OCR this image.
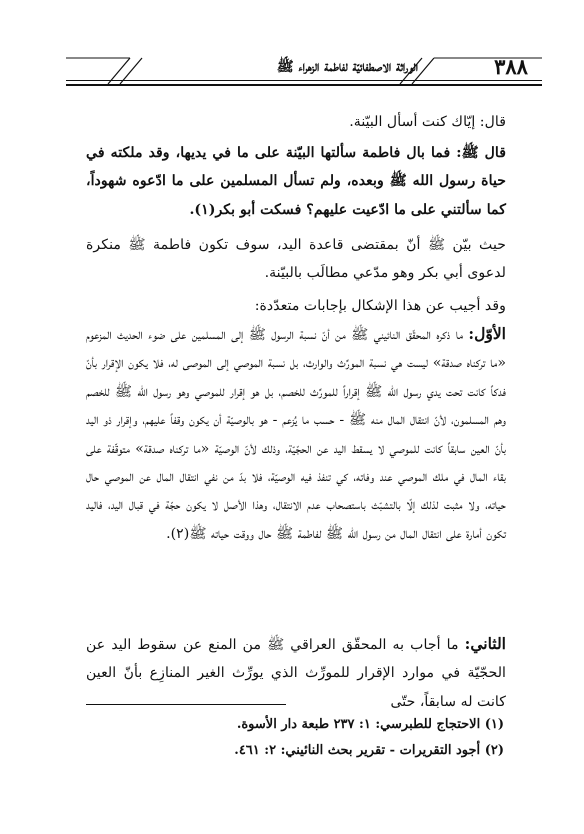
٣٨٨
الوراثة الاصطفائيّة لفاطمة الزهراء ﷺ

قال: إيّاك كنت أسأل البيّنة.

قال ﷺ: فما بال فاطمة سألتها البيّنة على ما في يديها، وقد ملكته في حياة رسول الله ﷺ وبعده، ولم تسأل المسلمين على ما ادّعوه شهوداً، كما سألتني على ما ادّعيت عليهم؟ فسكت أبو بكر(١).

حيث بيّن ﷺ أنّ بمقتضى قاعدة اليد، سوف تكون فاطمة ﷺ منكرة لدعوى أبي بكر وهو مدّعي مطالَب بالبيّنة.

وقد أجيب عن هذا الإشكال بإجابات متعدّدة:

الأوّل: ما ذكره المحقّق النائيني ﷺ من أنّ نسبة الرسول ﷺ إلى المسلمين على ضوء الحديث المزعوم «ما تركناه صدقة» ليست هي نسبة المورِّث والوارث، بل نسبة الموصي إلى الموصى له، فلا يكون الإقرار بأنّ فدكاً كانت تحت يدي رسول الله ﷺ إقراراً للمورِّث للخصم، بل هو إقرار للموصي وهو رسول الله ﷺ للخصم وهم المسلمون، لأنّ انتقال المال منه ﷺ - حسب ما يُزعم - هو بالوصيّة أن يكون وقفاً عليهم، وإقرار ذو اليد بأنّ العين سابقاً كانت للموصي لا يسقط اليد عن الحجّيّة، وذلك لأنّ الوصيّة «ما تركناه صدقة» متوقّفة على بقاء المال في ملك الموصي عند وفاته، كي تنفذ فيه الوصيّة، فلا بدّ من نفي انتقال المال عن الموصي حال حياته، ولا مثبت لذلك إلّا بالتشبّث باستصحاب عدم الانتقال، وهذا الأصل لا يكون حجّة في قبال اليد، فاليد تكون أمارة على انتقال المال من رسول الله ﷺ لفاطمة ﷺ حال ووقت حياته ﷺ(٢).

الثاني: ما أجاب به المحقّق العراقي ﷺ من المنع عن سقوط اليد عن الحجّيّة في موارد الإقرار للمورِّث الذي يورِّث الغير المنازِع بأنّ العين كانت له سابقاً، حتّى

(١) الاحتجاج للطبرسي: ١: ٢٣٧ طبعة دار الأسوة.
(٢) أجود التقريرات - تقرير بحث النائيني: ٢: ٤٦١.
